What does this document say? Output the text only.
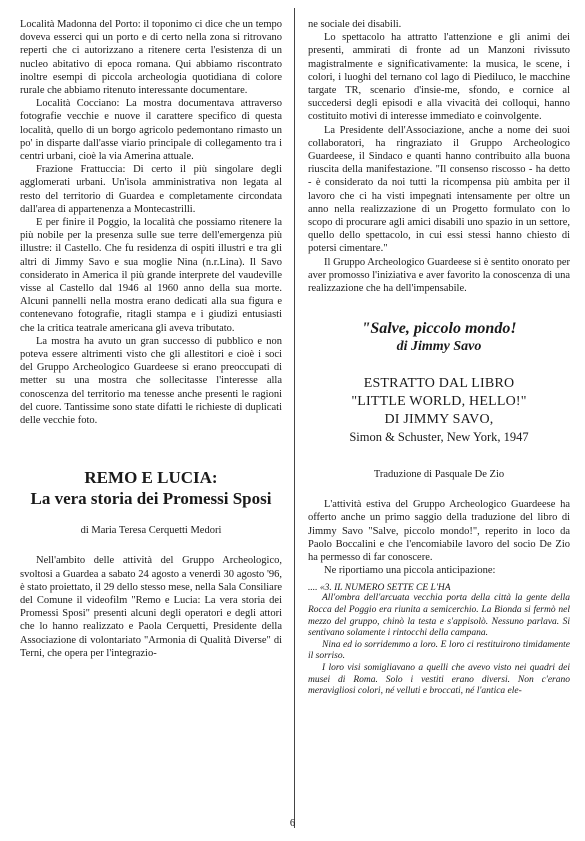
Località Madonna del Porto: il toponimo ci dice che un tempo doveva esserci qui un porto e di certo nella zona si ritrovano reperti che ci autorizzano a ritenere certa l'esistenza di un nucleo abitativo di epoca romana. Qui abbiamo riscontrato inoltre esempi di piccola archeologia quotidiana di colore rurale che abbiamo ritenuto interessante documentare.

Località Cocciano: La mostra documentava attraverso fotografie vecchie e nuove il carattere specifico di questa località, quello di un borgo agricolo pedemontano rimasto un po' in disparte dall'asse viario principale di collegamento tra i centri urbani, cioè la via Amerina attuale.

Frazione Frattuccia: Di certo il più singolare degli agglomerati urbani. Un'isola amministrativa non legata al resto del territorio di Guardea e completamente circondata dall'area di appartenenza a Montecastrilli.

E per finire il Poggio, la località che possiamo ritenere la più nobile per la presenza sulle sue terre dell'emergenza più illustre: il Castello. Che fu residenza di ospiti illustri e tra gli altri di Jimmy Savo e sua moglie Nina (n.r.Lina). Il Savo considerato in America il più grande interprete del vaudeville visse al Castello dal 1946 al 1960 anno della sua morte. Alcuni pannelli nella mostra erano dedicati alla sua figura e contenevano fotografie, ritagli stampa e i giudizi entusiasti che la critica teatrale americana gli aveva tributato.

La mostra ha avuto un gran successo di pubblico e non poteva essere altrimenti visto che gli allestitori e cioè i soci del Gruppo Archeologico Guardeese si erano preoccupati di metter su una mostra che sollecitasse l'interesse alla conoscenza del territorio ma tenesse anche presenti le ragioni del cuore. Tantissime sono state difatti le richieste di duplicati delle vecchie foto.

REMO E LUCIA:
La vera storia dei Promessi Sposi
di Maria Teresa Cerquetti Medori

Nell'ambito delle attività del Gruppo Archeologico, svoltosi a Guardea a sabato 24 agosto a venerdì 30 agosto '96, è stato proiettato, il 29 dello stesso mese, nella Sala Consiliare del Comune il videofilm "Remo e Lucia: La vera storia dei Promessi Sposi" presenti alcuni degli operatori e degli attori che lo hanno realizzato e Paola Cerquetti, Presidente della Associazione di volontariato "Armonia di Qualità Diverse" di Terni, che opera per l'integrazio-

ne sociale dei disabili.

Lo spettacolo ha attratto l'attenzione e gli animi dei presenti, ammirati di fronte ad un Manzoni rivissuto magistralmente e significativamente: la musica, le scene, i colori, i luoghi del ternano col lago di Piediluco, le macchine targate TR, scenario d'insie-me, sfondo, e cornice al succedersi degli episodi e alla vivacità dei colloqui, hanno costituito motivi di interesse immediato e coinvolgente.

La Presidente dell'Associazione, anche a nome dei suoi collaboratori, ha ringraziato il Gruppo Archeologico Guardeese, il Sindaco e quanti hanno contribuito alla buona riuscita della manifestazione. "Il consenso riscosso - ha detto - è considerato da noi tutti la ricompensa più ambita per il lavoro che ci ha visti impegnati intensamente per oltre un anno nella realizzazione di un Progetto formulato con lo scopo di procurare agli amici disabili uno spazio in un settore, quello dello spettacolo, in cui essi stessi hanno chiesto di potersi cimentare."

Il Gruppo Archeologico Guardeese si è sentito onorato per aver promosso l'iniziativa e aver favorito la conoscenza di una realizzazione che ha dell'impensabile.

"Salve, piccolo mondo!
di Jimmy Savo
ESTRATTO DAL LIBRO
"LITTLE WORLD, HELLO!"
DI JIMMY SAVO,
Simon & Schuster, New York, 1947
Traduzione di Pasquale De Zio

L'attività estiva del Gruppo Archeologico Guardeese ha offerto anche un primo saggio della traduzione del libro di Jimmy Savo "Salve, piccolo mondo!", reperito in loco da Paolo Boccalini e che l'encomiabile lavoro del socio De Zio ha permesso di far conoscere.

Ne riportiamo una piccola anticipazione:

.... «3. IL NUMERO SETTE CE L'HA

All'ombra dell'arcuata vecchia porta della città la gente della Rocca del Poggio era riunita a semicerchio. La Bionda si fermò nel mezzo del gruppo, chinò la testa e s'appisolò. Nessuno parlava. Si sentivano solamente i rintocchi della campana.

Nina ed io sorridemmo a loro. E loro ci restituirono timidamente il sorriso.

I loro visi somigliavano a quelli che avevo visto nei quadri dei musei di Roma. Solo i vestiti erano diversi. Non c'erano meravigliosi colori, né velluti e broccati, né l'antica ele-

6
